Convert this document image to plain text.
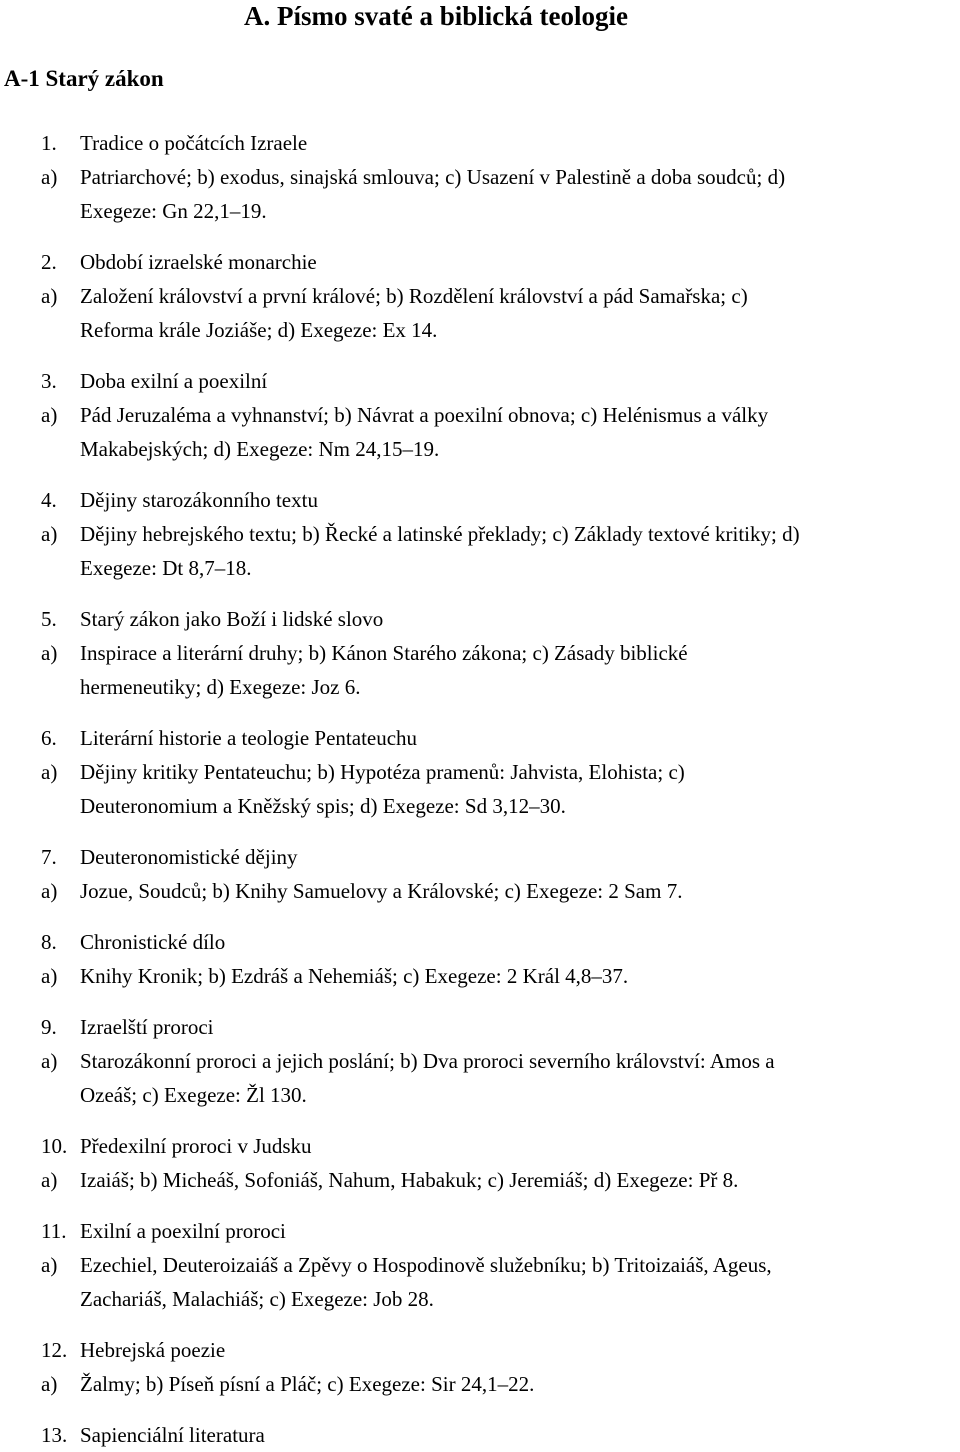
A. Písmo svaté a biblická teologie
A-1 Starý zákon
1. Tradice o počátcích Izraele
a) Patriarchové; b) exodus, sinajská smlouva; c) Usazení v Palestině a doba soudců; d)
Exegeze: Gn 22,1–19.
2. Období izraelské monarchie
a) Založení království a první králové; b) Rozdělení království a pád Samařska; c)
Reforma krále Joziáše; d) Exegeze: Ex 14.
3. Doba exilní a poexilní
a) Pád Jeruzaléma a vyhnanství; b) Návrat a poexilní obnova; c) Helénismus a války
Makabejských; d) Exegeze: Nm 24,15–19.
4. Dějiny starozákonního textu
a) Dějiny hebrejského textu; b) Řecké a latinské překlady; c) Základy textové kritiky; d)
Exegeze: Dt 8,7–18.
5. Starý zákon jako Boží i lidské slovo
a) Inspirace a literární druhy; b) Kánon Starého zákona; c) Zásady biblické
hermeneutiky; d) Exegeze: Joz 6.
6. Literární historie a teologie Pentateuchu
a) Dějiny kritiky Pentateuchu; b) Hypotéza pramenů: Jahvista, Elohista; c)
Deuteronomium a Kněžský spis; d) Exegeze: Sd 3,12–30.
7. Deuteronomistické dějiny
a) Jozue, Soudců; b) Knihy Samuelovy a Královské; c) Exegeze: 2 Sam 7.
8. Chronistické dílo
a) Knihy Kronik; b) Ezdráš a Nehemiáš; c) Exegeze: 2 Král 4,8–37.
9. Izraelští proroci
a) Starozákonní proroci a jejich poslání; b) Dva proroci severního království: Amos a
Ozeáš; c) Exegeze: Žl 130.
10. Předexilní proroci v Judsku
a) Izaiáš; b) Micheáš, Sofoniáš, Nahum, Habakuk; c) Jeremiáš; d) Exegeze: Př 8.
11. Exilní a poexilní proroci
a) Ezechiel, Deuteroizaiáš a Zpěvy o Hospodinově služebníku; b) Tritoizaiáš, Ageus,
Zachariáš, Malachiáš; c) Exegeze: Job 28.
12. Hebrejská poezie
a) Žalmy; b) Píseň písní a Pláč; c) Exegeze: Sir 24,1–22.
13. Sapienciální literatura
